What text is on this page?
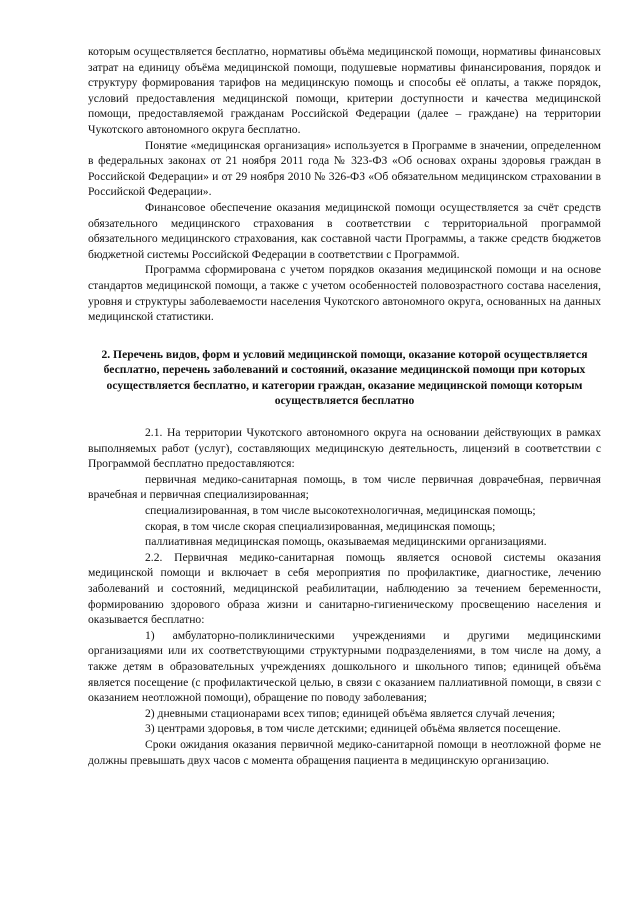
которым осуществляется бесплатно, нормативы объёма медицинской помощи, нормативы финансовых затрат на единицу объёма медицинской помощи, подушевые нормативы финансирования, порядок и структуру формирования тарифов на медицинскую помощь и способы её оплаты, а также порядок, условий предоставления медицинской помощи, критерии доступности и качества медицинской помощи, предоставляемой гражданам Российской Федерации (далее – граждане) на территории Чукотского автономного округа бесплатно.

Понятие «медицинская организация» используется в Программе в значении, определенном в федеральных законах от 21 ноября 2011 года № 323-ФЗ «Об основах охраны здоровья граждан в Российской Федерации» и от 29 ноября 2010 № 326-ФЗ «Об обязательном медицинском страховании в Российской Федерации».

Финансовое обеспечение оказания медицинской помощи осуществляется за счёт средств обязательного медицинского страхования в соответствии с территориальной программой обязательного медицинского страхования, как составной части Программы, а также средств бюджетов бюджетной системы Российской Федерации в соответствии с Программой.

Программа сформирована с учетом порядков оказания медицинской помощи и на основе стандартов медицинской помощи, а также с учетом особенностей половозрастного состава населения, уровня и структуры заболеваемости населения Чукотского автономного округа, основанных на данных медицинской статистики.

2. Перечень видов, форм и условий медицинской помощи, оказание которой осуществляется бесплатно, перечень заболеваний и состояний, оказание медицинской помощи при которых осуществляется бесплатно, и категории граждан, оказание медицинской помощи которым осуществляется бесплатно

2.1. На территории Чукотского автономного округа на основании действующих в рамках выполняемых работ (услуг), составляющих медицинскую деятельность, лицензий в соответствии с Программой бесплатно предоставляются:

первичная медико-санитарная помощь, в том числе первичная доврачебная, первичная врачебная и первичная специализированная;

специализированная, в том числе высокотехнологичная, медицинская помощь;

скорая, в том числе скорая специализированная, медицинская помощь;

паллиативная медицинская помощь, оказываемая медицинскими организациями.

2.2. Первичная медико-санитарная помощь является основой системы оказания медицинской помощи и включает в себя мероприятия по профилактике, диагностике, лечению заболеваний и состояний, медицинской реабилитации, наблюдению за течением беременности, формированию здорового образа жизни и санитарно-гигиеническому просвещению населения и оказывается бесплатно:

1) амбулаторно-поликлиническими учреждениями и другими медицинскими организациями или их соответствующими структурными подразделениями, в том числе на дому, а также детям в образовательных учреждениях дошкольного и школьного типов; единицей объёма является посещение (с профилактической целью, в связи с оказанием паллиативной помощи, в связи с оказанием неотложной помощи), обращение по поводу заболевания;

2) дневными стационарами всех типов; единицей объёма является случай лечения;

3) центрами здоровья, в том числе детскими; единицей объёма является посещение.

Сроки ожидания оказания первичной медико-санитарной помощи в неотложной форме не должны превышать двух часов с момента обращения пациента в медицинскую организацию.
